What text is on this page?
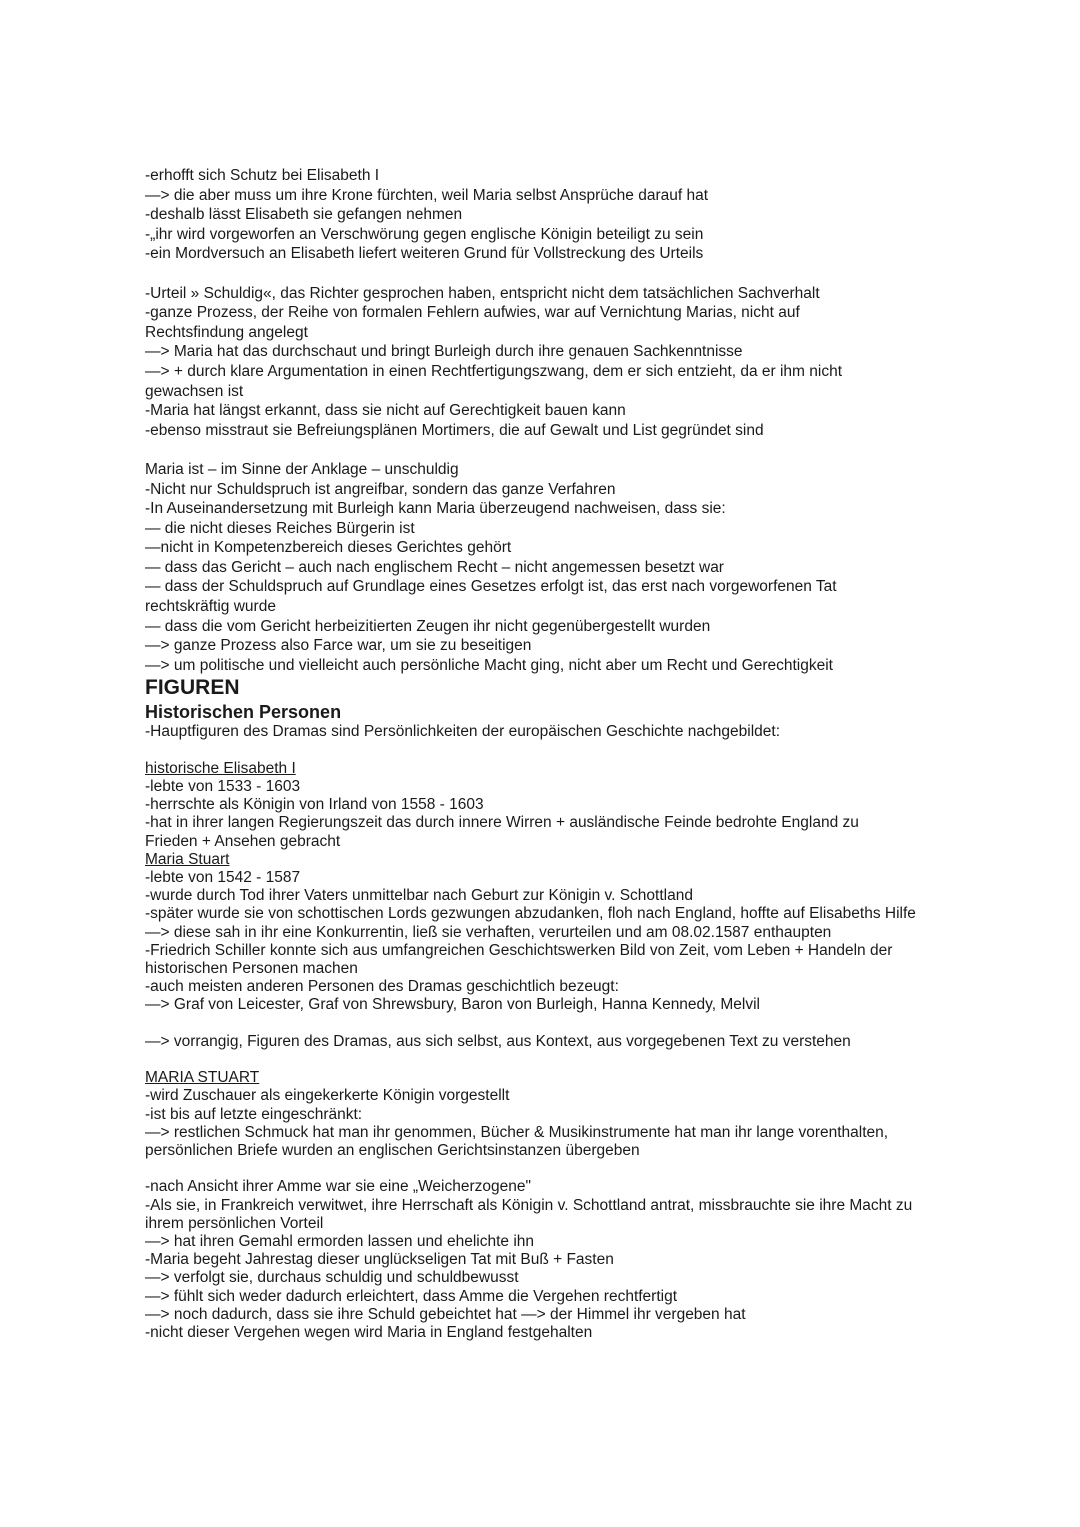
-erhofft sich Schutz bei Elisabeth I
—> die aber muss um ihre Krone fürchten, weil Maria selbst Ansprüche darauf hat
-deshalb lässt Elisabeth sie gefangen nehmen
-„ihr wird vorgeworfen an Verschwörung gegen englische Königin beteiligt zu sein
-ein Mordversuch an Elisabeth liefert weiteren Grund für Vollstreckung des Urteils
-Urteil » Schuldig«, das Richter gesprochen haben, entspricht nicht dem tatsächlichen Sachverhalt
-ganze Prozess, der Reihe von formalen Fehlern aufwies, war auf Vernichtung Marias, nicht auf Rechtsfindung angelegt
—> Maria hat das durchschaut und bringt Burleigh durch ihre genauen Sachkenntnisse
—> + durch klare Argumentation in einen Rechtfertigungszwang, dem er sich entzieht, da er ihm nicht gewachsen ist
-Maria hat längst erkannt, dass sie nicht auf Gerechtigkeit bauen kann
-ebenso misstraut sie Befreiungsplänen Mortimers, die auf Gewalt und List gegründet sind
Maria ist – im Sinne der Anklage – unschuldig
-Nicht nur Schuldspruch ist angreifbar, sondern das ganze Verfahren
-In Auseinandersetzung mit Burleigh kann Maria überzeugend nachweisen, dass sie:
— die nicht dieses Reiches Bürgerin ist
—nicht in Kompetenzbereich dieses Gerichtes gehört
— dass das Gericht – auch nach englischem Recht – nicht angemessen besetzt war
— dass der Schuldspruch auf Grundlage eines Gesetzes erfolgt ist, das erst nach vorgeworfenen Tat rechtskräftig wurde
— dass die vom Gericht herbeizitierten Zeugen ihr nicht gegenübergestellt wurden
—> ganze Prozess also Farce war, um sie zu beseitigen
—> um politische und vielleicht auch persönliche Macht ging, nicht aber um Recht und Gerechtigkeit
FIGUREN
Historischen Personen
-Hauptfiguren des Dramas sind Persönlichkeiten der europäischen Geschichte nachgebildet:
historische Elisabeth I
-lebte von 1533 - 1603
-herrschte als Königin von Irland von 1558 - 1603
-hat in ihrer langen Regierungszeit das durch innere Wirren + ausländische Feinde bedrohte England zu Frieden + Ansehen gebracht
Maria Stuart
-lebte von 1542 - 1587
-wurde durch Tod ihrer Vaters unmittelbar nach Geburt zur Königin v. Schottland
-später wurde sie von schottischen Lords gezwungen abzudanken, floh nach England, hoffte auf Elisabeths Hilfe
—> diese sah in ihr eine Konkurrentin, ließ sie verhaften, verurteilen und am 08.02.1587 enthaupten
-Friedrich Schiller konnte sich aus umfangreichen Geschichtswerken Bild von Zeit, vom Leben + Handeln der historischen Personen machen
-auch meisten anderen Personen des Dramas geschichtlich bezeugt:
—> Graf von Leicester, Graf von Shrewsbury, Baron von Burleigh, Hanna Kennedy, Melvil
—> vorrangig, Figuren des Dramas, aus sich selbst, aus Kontext, aus vorgegebenen Text zu verstehen
MARIA STUART
-wird Zuschauer als eingekerkerte Königin vorgestellt
-ist bis auf letzte eingeschränkt:
—> restlichen Schmuck hat man ihr genommen, Bücher & Musikinstrumente hat man ihr lange vorenthalten, persönlichen Briefe wurden an englischen Gerichtsinstanzen übergeben
-nach Ansicht ihrer Amme war sie eine „Weicherzogene"
-Als sie, in Frankreich verwitwet, ihre Herrschaft als Königin v. Schottland antrat, missbrauchte sie ihre Macht zu ihrem persönlichen Vorteil
—> hat ihren Gemahl ermorden lassen und ehelichte ihn
-Maria begeht Jahrestag dieser unglückseligen Tat mit Buß + Fasten
—> verfolgt sie, durchaus schuldig und schuldbewusst
—> fühlt sich weder dadurch erleichtert, dass Amme die Vergehen rechtfertigt
—> noch dadurch, dass sie ihre Schuld gebeichtet hat —> der Himmel ihr vergeben hat
-nicht dieser Vergehen wegen wird Maria in England festgehalten
